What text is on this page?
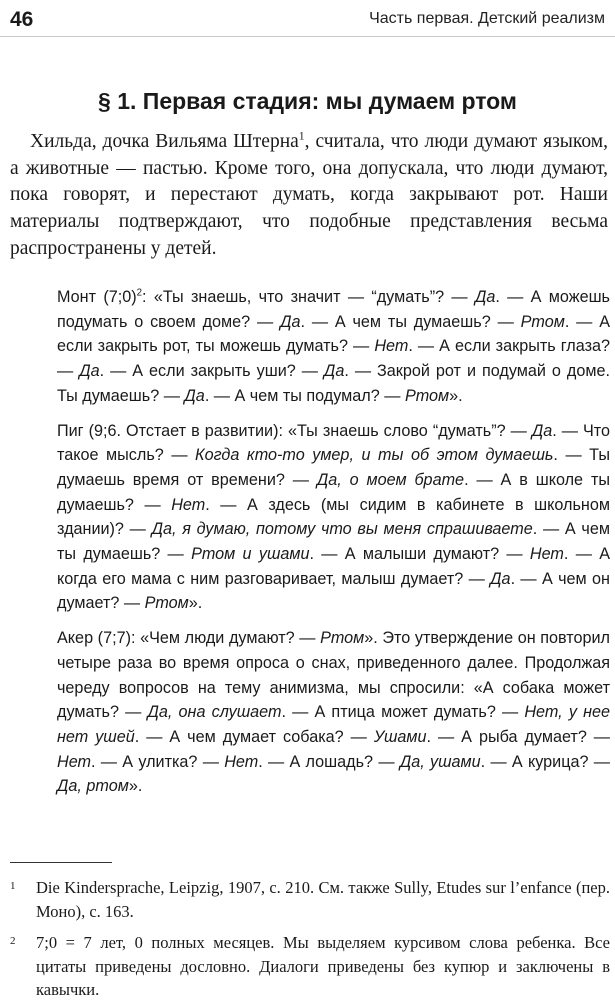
46	Часть первая. Детский реализм
§ 1. Первая стадия: мы думаем ртом

Хильда, дочка Вильяма Штерна$^1$, считала, что люди думают языком, а животные — пастью. Кроме того, она допускала, что люди думают, пока говорят, и перестают думать, когда закрывают рот. Наши материалы подтверждают, что подобные представления весьма распространены у детей.

Монт (7;0)$^2$: «Ты знаешь, что значит — “думать”? — Да. — А можешь подумать о своем доме? — Да. — А чем ты думаешь? — Ртом. — А если закрыть рот, ты можешь думать? — Нет. — А если закрыть глаза? — Да. — А если закрыть уши? — Да. — Закрой рот и подумай о доме. Ты думаешь? — Да. — А чем ты подумал? — Ртом».

Пиг (9;6. Отстает в развитии): «Ты знаешь слово “думать”? — Да. — Что такое мысль? — Когда кто-то умер, и ты об этом думаешь. — Ты думаешь время от времени? — Да, о моем брате. — А в школе ты думаешь? — Нет. — А здесь (мы сидим в кабинете в школьном здании)? — Да, я думаю, потому что вы меня спрашиваете. — А чем ты думаешь? — Ртом и ушами. — А малыши думают? — Нет. — А когда его мама с ним разговаривает, малыш думает? — Да. — А чем он думает? — Ртом».

Акер (7;7): «Чем люди думают? — Ртом». Это утверждение он повторил четыре раза во время опроса о снах, приведенного далее. Продолжая череду вопросов на тему анимизма, мы спросили: «А собака может думать? — Да, она слушает. — А птица может думать? — Нет, у нее нет ушей. — А чем думает собака? — Ушами. — А рыба думает? — Нет. — А улитка? — Нет. — А лошадь? — Да, ушами. — А курица? — Да, ртом».

1 Die Kindersprache, Leipzig, 1907, с. 210. См. также Sully, Etudes sur l’enfance (пер. Моно), с. 163.
2 7;0 = 7 лет, 0 полных месяцев. Мы выделяем курсивом слова ребенка. Все цитаты приведены дословно. Диалоги приведены без купюр и заключены в кавычки.
